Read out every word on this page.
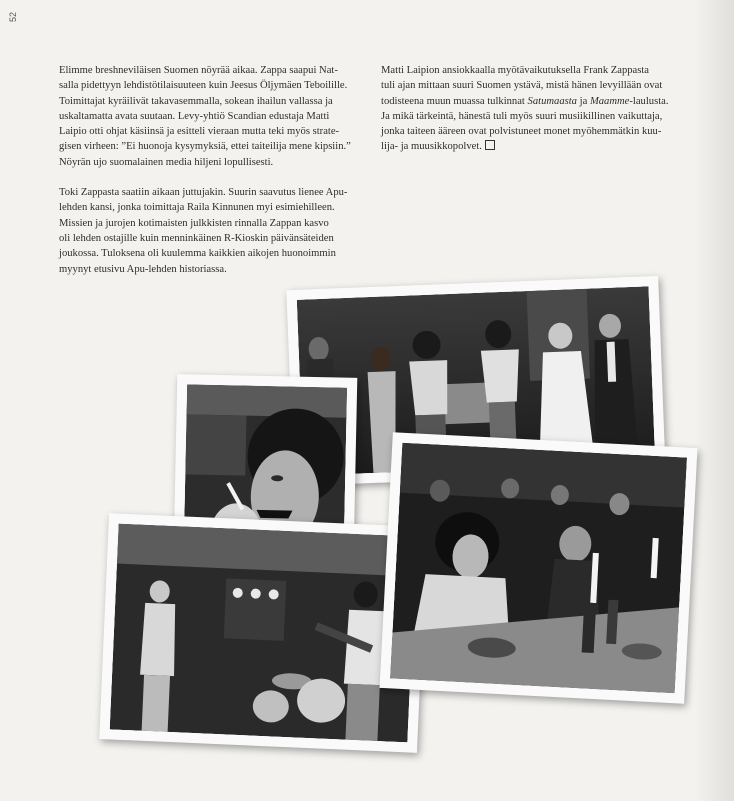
52

Elimme breshneviläisen Suomen nöyrää aikaa. Zappa saapui Nat-
salla pidettyyn lehdistötilaisuuteen kuin Jeesus Öljymäen Teboilille.
Toimittajat kyräilivät takavasemmalla, sokean ihailun vallassa ja
uskaltamatta avata suutaan. Levy-yhtiö Scandian edustaja Matti
Laipio otti ohjat käsiinsä ja esitteli vieraan mutta teki myös strate-
gisen virheen: ”Ei huonoja kysymyksiä, ettei taiteilija mene kipsiin.”
Nöyrän ujo suomalainen media hiljeni lopullisesti.

Toki Zappasta saatiin aikaan juttujakin. Suurin saavutus lienee Apu-
lehden kansi, jonka toimittaja Raila Kinnunen myi esimiehilleen.
Missien ja jurojen kotimaisten julkkisten rinnalla Zappan kasvo
oli lehden ostajille kuin menninkäinen R-Kioskin päivänsäteiden
joukossa. Tuloksena oli kuulemma kaikkien aikojen huonoimmin
myynyt etusivu Apu-lehden historiassa.

Matti Laipion ansiokkaalla myötävaikutuksella Frank Zappasta
tuli ajan mittaan suuri Suomen ystävä, mistä hänen levyillään ovat
todisteena muun muassa tulkinnat Satumaasta ja Maamme-laulusta.
Ja mikä tärkeintä, hänestä tuli myös suuri musiikillinen vaikuttaja,
jonka taiteen ääreen ovat polvistuneet monet myöhemmätkin kuu-
lija- ja muusikkopolvet.
